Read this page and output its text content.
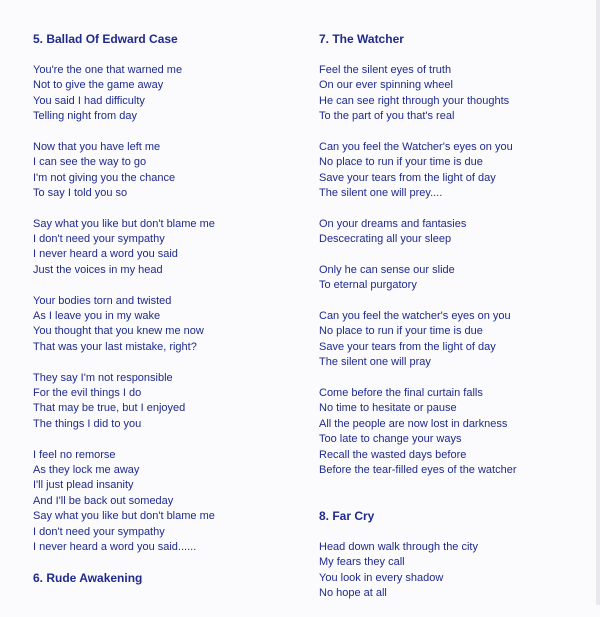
5. Ballad Of Edward Case
You're the one that warned me
Not to give the game away
You said I had difficulty
Telling night from day
Now that you have left me
I can see the way to go
I'm not giving you the chance
To say I told you so
Say what you like but don't blame me
I don't need your sympathy
I never heard a word you said
Just the voices in my head
Your bodies torn and twisted
As I leave you in my wake
You thought that you knew me now
That was your last mistake, right?
They say I'm not responsible
For the evil things I do
That may be true, but I enjoyed
The things I did to you
I feel no remorse
As they lock me away
I'll just plead insanity
And I'll be back out someday
Say what you like but don't blame me
I don't need your sympathy
I never heard a word you said......
6. Rude Awakening
7. The Watcher
Feel the silent eyes of truth
On our ever spinning wheel
He can see right through your thoughts
To the part of you that's real
Can you feel the Watcher's eyes on you
No place to run if your time is due
Save your tears from the light of day
The silent one will prey....
On your dreams and fantasies
Descecrating all your sleep
Only he can sense our slide
To eternal purgatory
Can you feel the watcher's eyes on you
No place to run if your time is due
Save your tears from the light of day
The silent one will pray
Come before the final curtain falls
No time to hesitate or pause
All the people are now lost in darkness
Too late to change your ways
Recall the wasted days before
Before the tear-filled eyes of the watcher
8. Far Cry
Head down walk through the city
My fears they call
You look in every shadow
No hope at all
